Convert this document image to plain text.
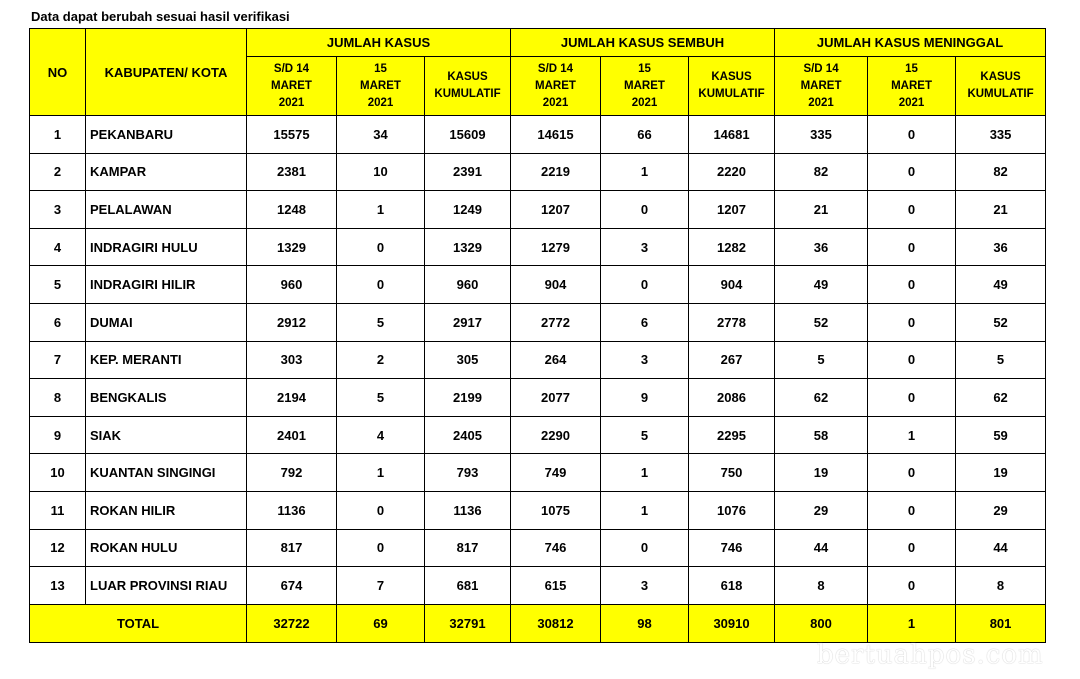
Data dapat berubah sesuai hasil verifikasi
NO	KABUPATEN/ KOTA	JUMLAH KASUS			JUMLAH KASUS SEMBUH			JUMLAH KASUS MENINGGAL		
		S/D 14
MARET
2021	15
MARET
2021	KASUS
KUMULATIF	S/D 14
MARET
2021	15
MARET
2021	KASUS
KUMULATIF	S/D 14
MARET
2021	15
MARET
2021	KASUS
KUMULATIF
1	PEKANBARU	15575	34	15609	14615	66	14681	335	0	335
2	KAMPAR	2381	10	2391	2219	1	2220	82	0	82
3	PELALAWAN	1248	1	1249	1207	0	1207	21	0	21
4	INDRAGIRI HULU	1329	0	1329	1279	3	1282	36	0	36
5	INDRAGIRI HILIR	960	0	960	904	0	904	49	0	49
6	DUMAI	2912	5	2917	2772	6	2778	52	0	52
7	KEP. MERANTI	303	2	305	264	3	267	5	0	5
8	BENGKALIS	2194	5	2199	2077	9	2086	62	0	62
9	SIAK	2401	4	2405	2290	5	2295	58	1	59
10	KUANTAN SINGINGI	792	1	793	749	1	750	19	0	19
11	ROKAN HILIR	1136	0	1136	1075	1	1076	29	0	29
12	ROKAN HULU	817	0	817	746	0	746	44	0	44
13	LUAR PROVINSI RIAU	674	7	681	615	3	618	8	0	8
TOTAL		32722	69	32791	30812	98	30910	800	1	801
bertuahpos.com
